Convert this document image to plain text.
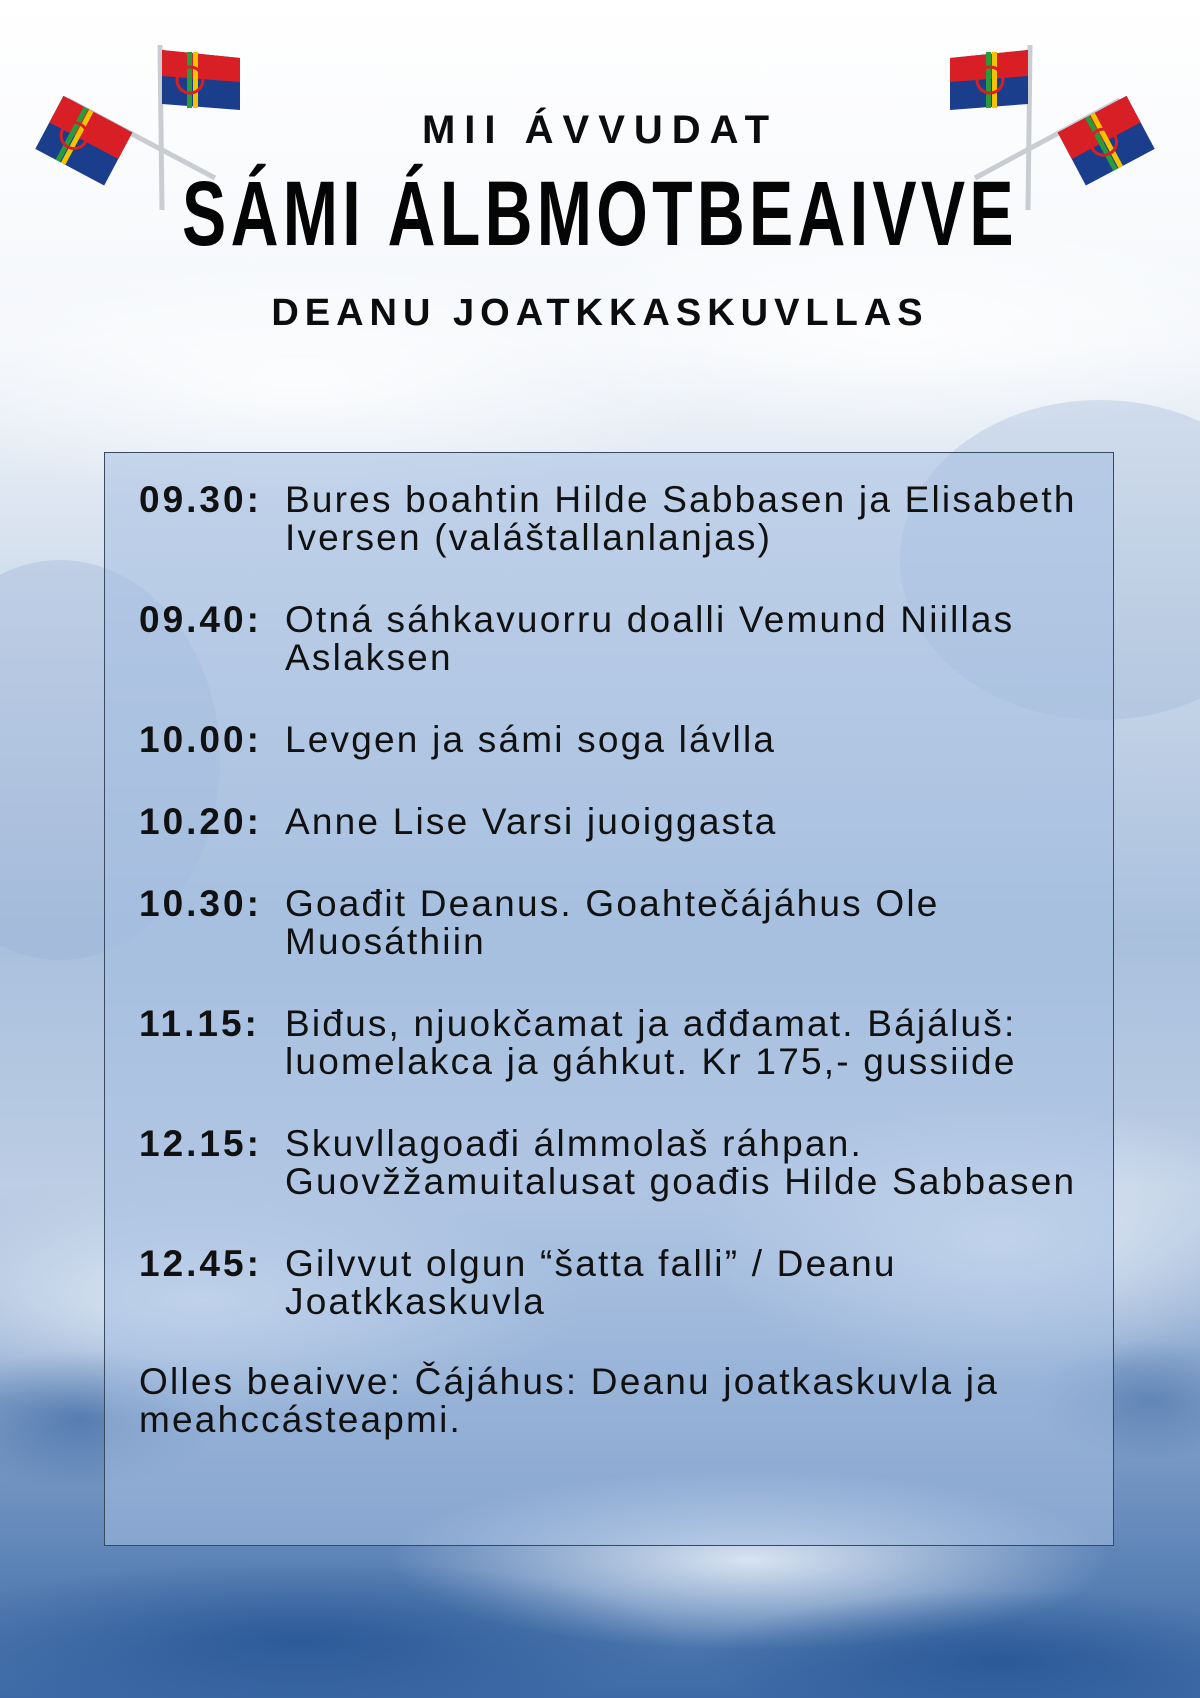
MII ÁVVUDAT
SÁMI ÁLBMOTBEAIVVE
DEANU JOATKKASKUVLLAS
09.30: Bures boahtin Hilde Sabbasen ja Elisabeth Iversen (valáštallanlanjas)
09.40: Otná sáhkavuorru doalli Vemund Niillas Aslaksen
10.00: Levgen ja sámi soga lávlla
10.20: Anne Lise Varsi juoiggasta
10.30: Goađit Deanus. Goahtečájáhus Ole Muosáthiin
11.15: Biđus, njuokčamat ja ađđamat. Bájáluš: luomelakca ja gáhkut. Kr 175,- gussiide
12.15: Skuvllagoađi álmmolaš ráhpan. Guovžžamuitalusat goađis Hilde Sabbasen
12.45: Gilvvut olgun “šatta falli” / Deanu Joatkkaskuvla
Olles beaivve: Čájáhus: Deanu joatkaskuvla ja meahccásteapmi.
